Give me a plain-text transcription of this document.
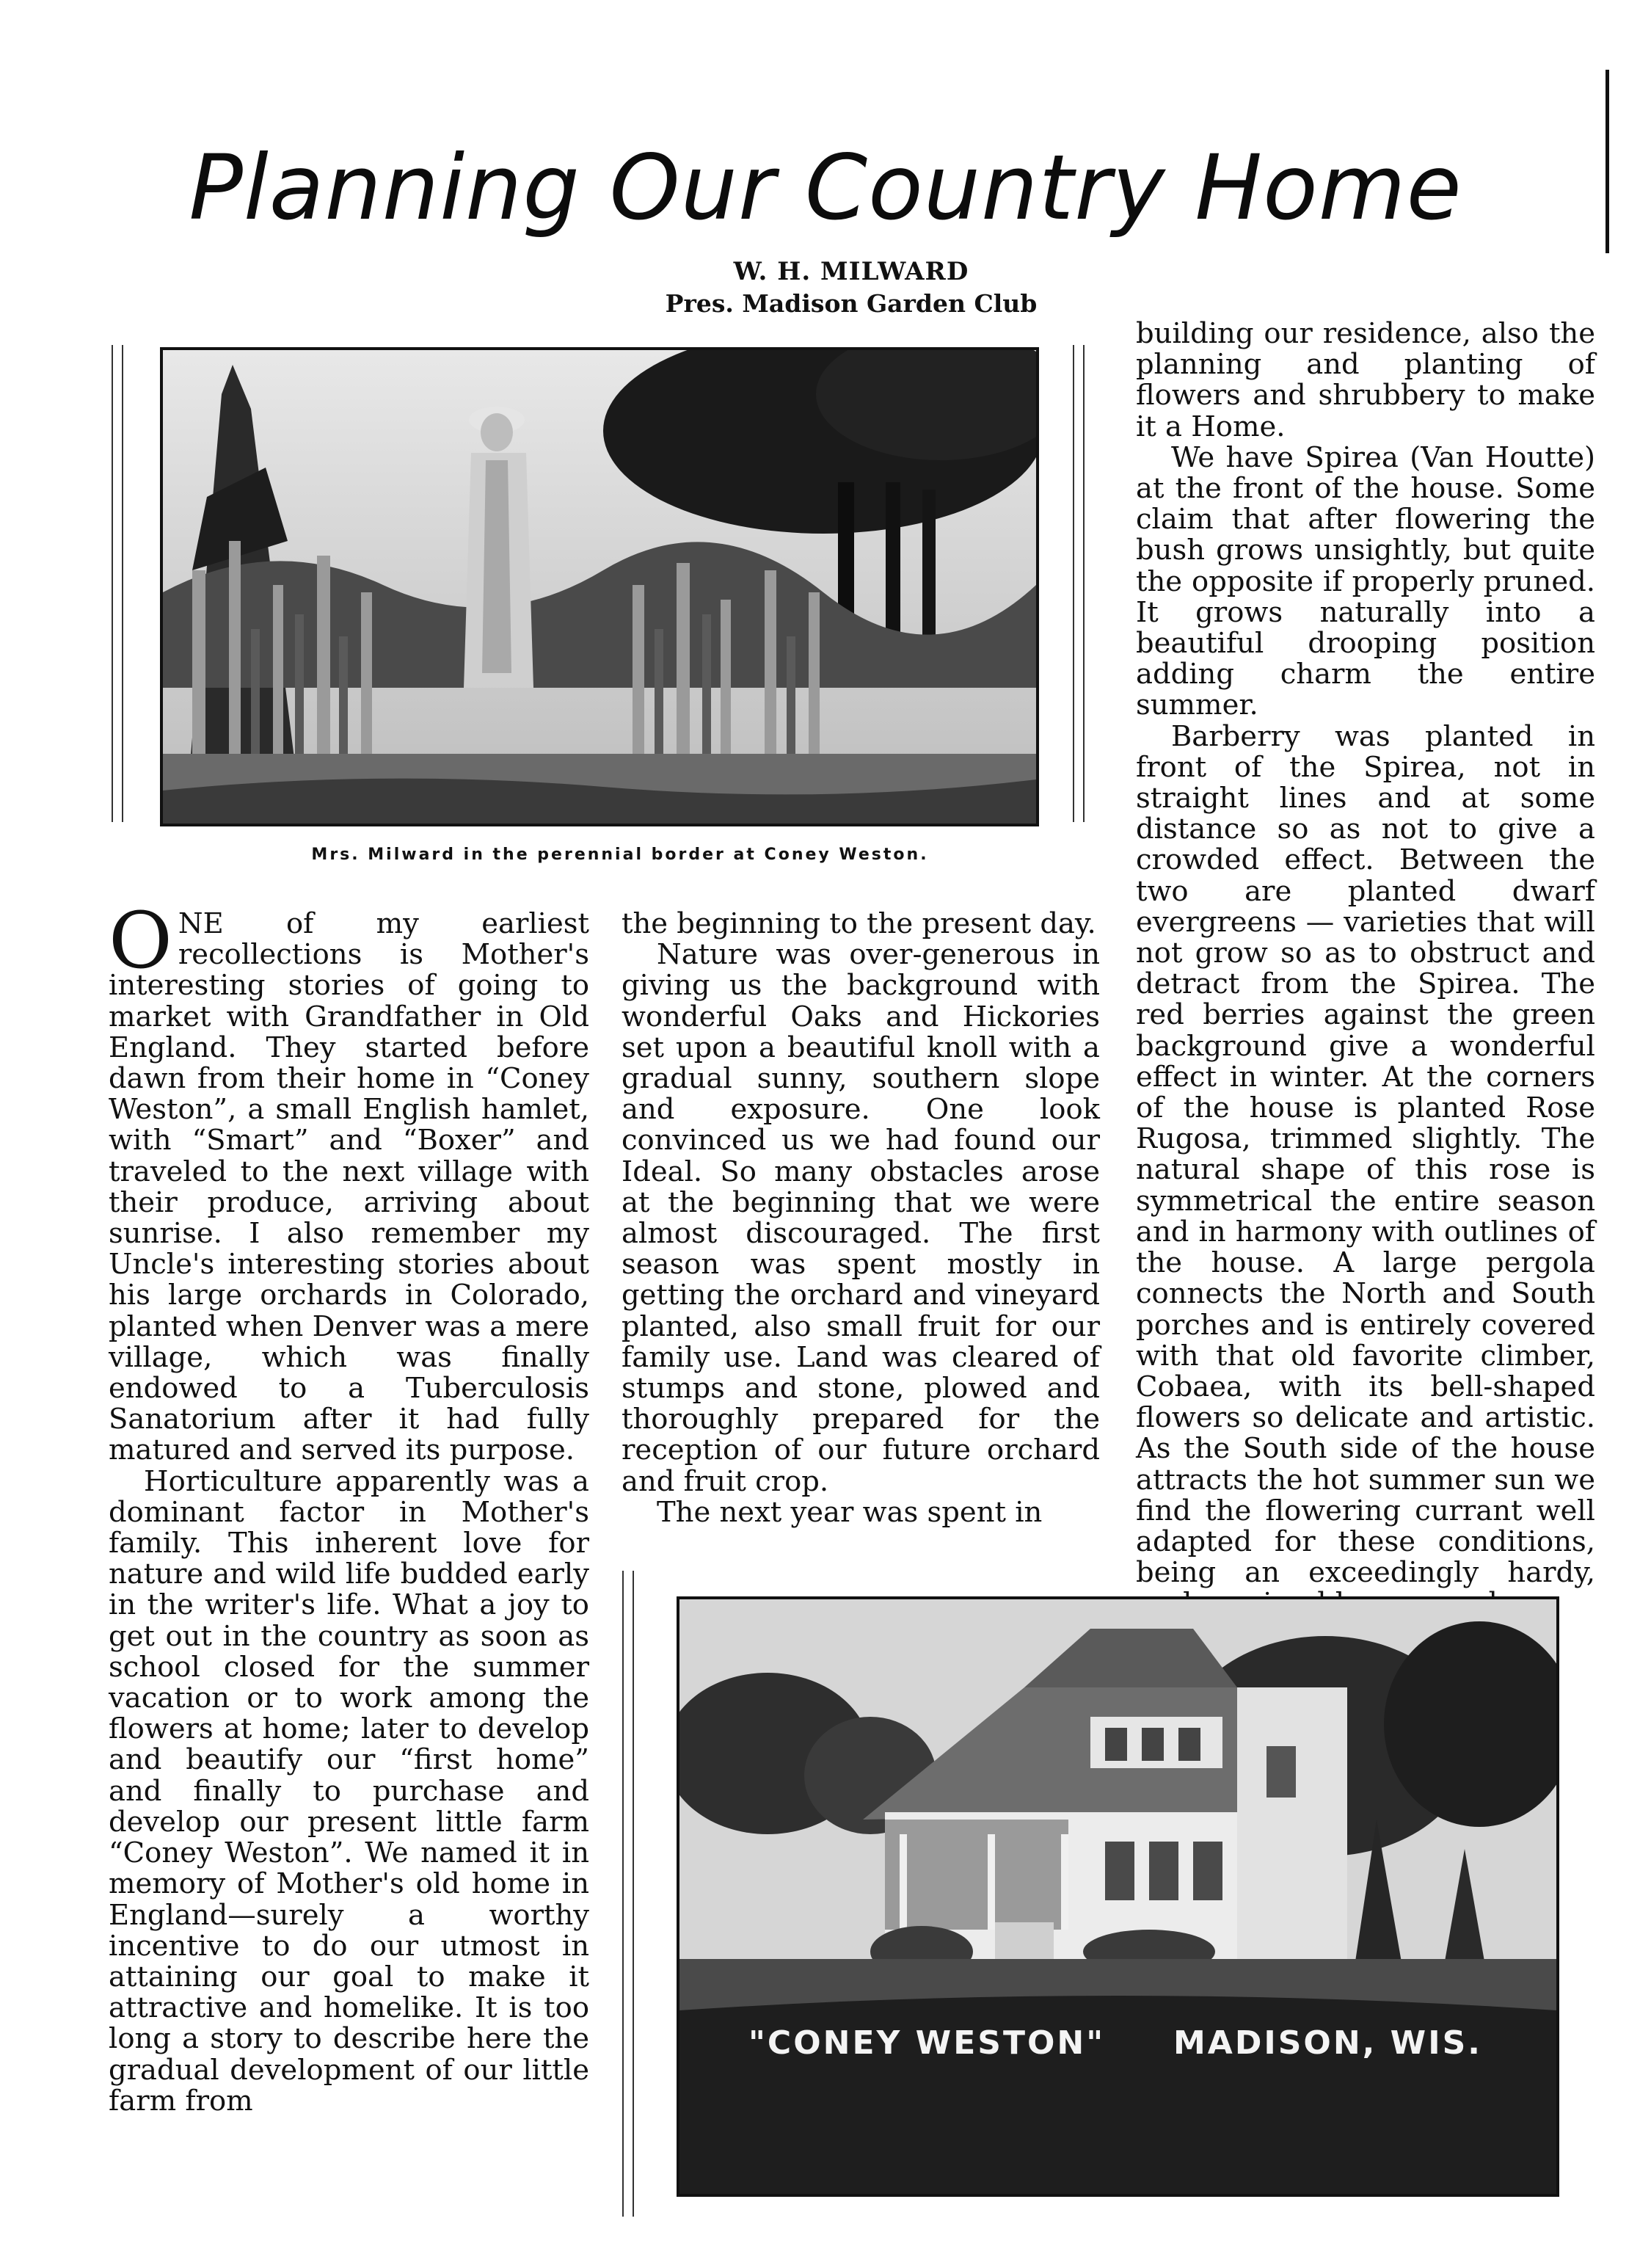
Planning Our Country Home
W. H. MILWARD
Pres. Madison Garden Club
Mrs. Milward in the perennial border at Coney Weston.
O NE of my earliest recollections is Mother's interesting stories of going to market with Grandfather in Old England. They started before dawn from their home in “Coney Weston”, a small English hamlet, with “Smart” and “Boxer” and traveled to the next village with their produce, arriving about sunrise. I also remember my Uncle's interesting stories about his large orchards in Colorado, planted when Denver was a mere village, which was finally endowed to a Tuberculosis Sanatorium after it had fully matured and served its purpose.

Horticulture apparently was a dominant factor in Mother's family. This inherent love for nature and wild life budded early in the writer's life. What a joy to get out in the country as soon as school closed for the summer vacation or to work among the flowers at home; later to develop and beautify our “first home” and finally to purchase and develop our present little farm “Coney Weston”. We named it in memory of Mother's old home in England—surely a worthy incentive to do our utmost in attaining our goal to make it attractive and homelike. It is too long a story to describe here the gradual development of our little farm from

the beginning to the present day.

Nature was over-generous in giving us the background with wonderful Oaks and Hickories set upon a beautiful knoll with a gradual sunny, southern slope and exposure. One look convinced us we had found our Ideal. So many obstacles arose at the beginning that we were almost discouraged. The first season was spent mostly in getting the orchard and vineyard planted, also small fruit for our family use. Land was cleared of stumps and stone, plowed and thoroughly prepared for the reception of our future orchard and fruit crop.

The next year was spent in

building our residence, also the planning and planting of flowers and shrubbery to make it a Home.

We have Spirea (Van Houtte) at the front of the house. Some claim that after flowering the bush grows unsightly, but quite the opposite if properly pruned. It grows naturally into a beautiful drooping position adding charm the entire summer.

Barberry was planted in front of the Spirea, not in straight lines and at some distance so as not to give a crowded effect. Between the two are planted dwarf evergreens — varieties that will not grow so as to obstruct and detract from the Spirea. The red berries against the green background give a wonderful effect in winter. At the corners of the house is planted Rose Rugosa, trimmed slightly. The natural shape of this rose is symmetrical the entire season and in harmony with outlines of the house. A large pergola connects the North and South porches and is entirely covered with that old favorite climber, Cobaea, with its bell-shaped flowers so delicate and artistic. As the South side of the house attracts the hot summer sun we find the flowering currant well adapted for these conditions, being an exceedingly hardy,

"CONEY WESTON" MADISON, WIS.
